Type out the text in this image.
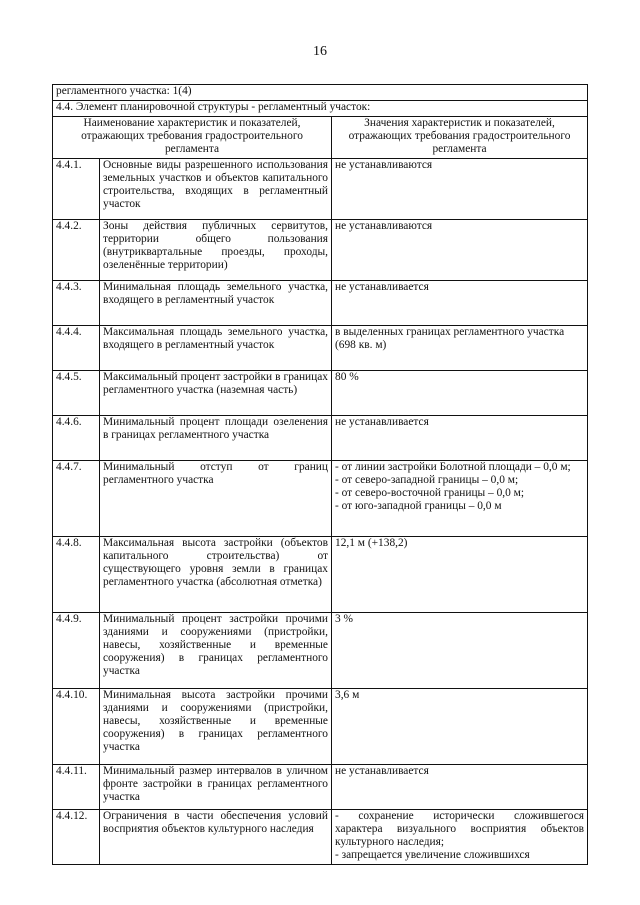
16
регламентного участка: 1(4)		
4.4. Элемент планировочной структуры - регламентный участок:		
Наименование характеристик и показателей, отражающих требования градостроительного регламента		Значения характеристик и показателей, отражающих требования градостроительного регламента
4.4.1.	Основные виды разрешенного использования земельных участков и объектов капитального строительства, входящих в регламентный участок	не устанавливаются

4.4.2.	Зоны действия публичных сервитутов, территории общего пользования (внутриквартальные проезды, проходы, озеленённые территории)	не устанавливаются

4.4.3.	Минимальная площадь земельного участка, входящего в регламентный участок	не устанавливается

4.4.4.	Максимальная площадь земельного участка, входящего в регламентный участок	в выделенных границах регламентного участка (698 кв. м)

4.4.5.	Максимальный процент застройки в границах регламентного участка (наземная часть)	80 %

4.4.6.	Минимальный процент площади озеленения в границах регламентного участка	не устанавливается

4.4.7.	Минимальный отступ от границ регламентного участка	- от линии застройки Болотной площади – 0,0 м;
- от северо-западной границы – 0,0 м;
- от северо-восточной границы – 0,0 м;
- от юго-западной границы – 0,0 м

4.4.8.	Максимальная высота застройки (объектов капитального строительства) от существующего уровня земли в границах регламентного участка (абсолютная отметка)	12,1 м (+138,2)

4.4.9.	Минимальный процент застройки прочими зданиями и сооружениями (пристройки, навесы, хозяйственные и временные сооружения) в границах регламентного участка	3 %

4.4.10.	Минимальная высота застройки прочими зданиями и сооружениями (пристройки, навесы, хозяйственные и временные сооружения) в границах регламентного участка	3,6 м

4.4.11.	Минимальный размер интервалов в уличном фронте застройки в границах регламентного участка	не устанавливается

4.4.12.	Ограничения в части обеспечения условий восприятия объектов культурного наследия	- сохранение исторически сложившегося характера визуального восприятия объектов культурного наследия;
- запрещается увеличение сложившихся
